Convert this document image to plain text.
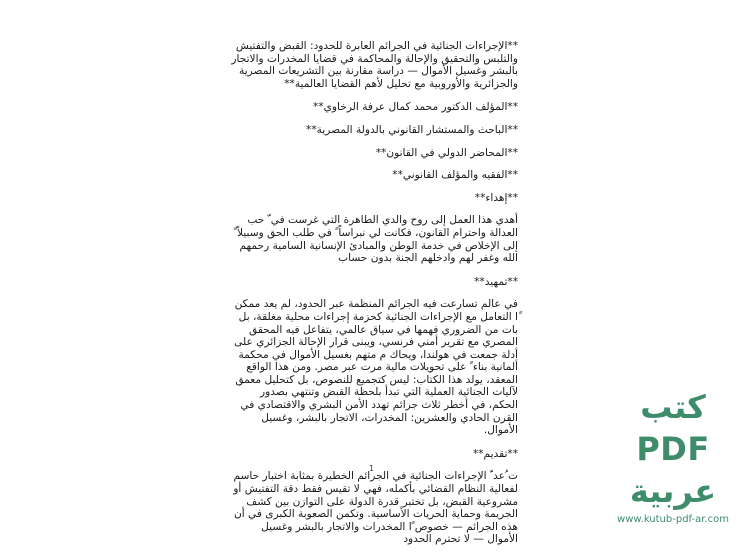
**الإجراءات الجنائية في الجرائم العابرة للحدود: القبض والتفتيش والتلبس والتحقيق والإحالة والمحاكمة في قضايا المخدرات والاتجار بالبشر وغسيل الأموال — دراسة مقارنة بين التشريعات المصرية والجزائرية والأوروبية مع تحليل لأهم القضايا العالمية**
**المؤلف الدكتور محمد كمال عرفة الرخاوي**
**الباحث والمستشار القانوني بالدولة المصرية**
**المحاضر الدولي في القانون**
**الفقيه والمؤلف القانوني**
**إهداء**
أهدي هذا العمل إلى روح والدي الطاهرة التي غرست في ّ حب العدالة واحترام القانون، فكانت لي نبراساً ً في طلب الحق وسبيلاً ً إلى الإخلاص في خدمة الوطن والمبادئ الإنسانية السامية رحمهم الله وغفر لهم وادخلهم الجنة بدون حساب
**تمهيد**
في عالم تسارعت فيه الجرائم المنظمة عبر الحدود، لم يعد ممكن ًا التعامل مع الإجراءات الجنائية كحزمة إجراءات محلية مغلقة، بل بات من الضروري فهمها في سياق عالمي، يتفاعل فيه المحقق المصري مع تقرير أمني فرنسي، ويبنى قرار الإحالة الجزائري على أدلة جمعت في هولندا، ويحاك م متهم بغسيل الأموال في محكمة ألمانية بناء ً على تحويلات مالية مرت عبر مصر. ومن هذا الواقع المعقد، يولد هذا الكتاب: ليس كتجميع للنصوص، بل كتحليل معمق لآليات الجنائية العملية التي تبدأ بلحظة القبض وتنتهي بصدور الحكم، في أخطر ثلاث جرائم تهدد الأمن البشري والاقتصادي في القرن الحادي والعشرين: المخدرات، الاتجار بالبشر، وغسيل الأموال.
**تقديم**
ت ُعد ّ الإجراءات الجنائية في الجرائم الخطيرة بمثابة اختبار حاسم لفعالية النظام القضائي بأكمله، فهي لا تقيس فقط دقة التفتيش أو مشروعية القبض، بل تختبر قدرة الدولة على التوازن بين كشف الجريمة وحماية الحريات الأساسية. وتكمن الصعوبة الكبرى في أن هذه الجرائم — خصوص ًا المخدرات والاتجار بالبشر وغسيل الأموال — لا تحترم الحدود
1
كتب PDF عربية
www.kutub-pdf-ar.com
